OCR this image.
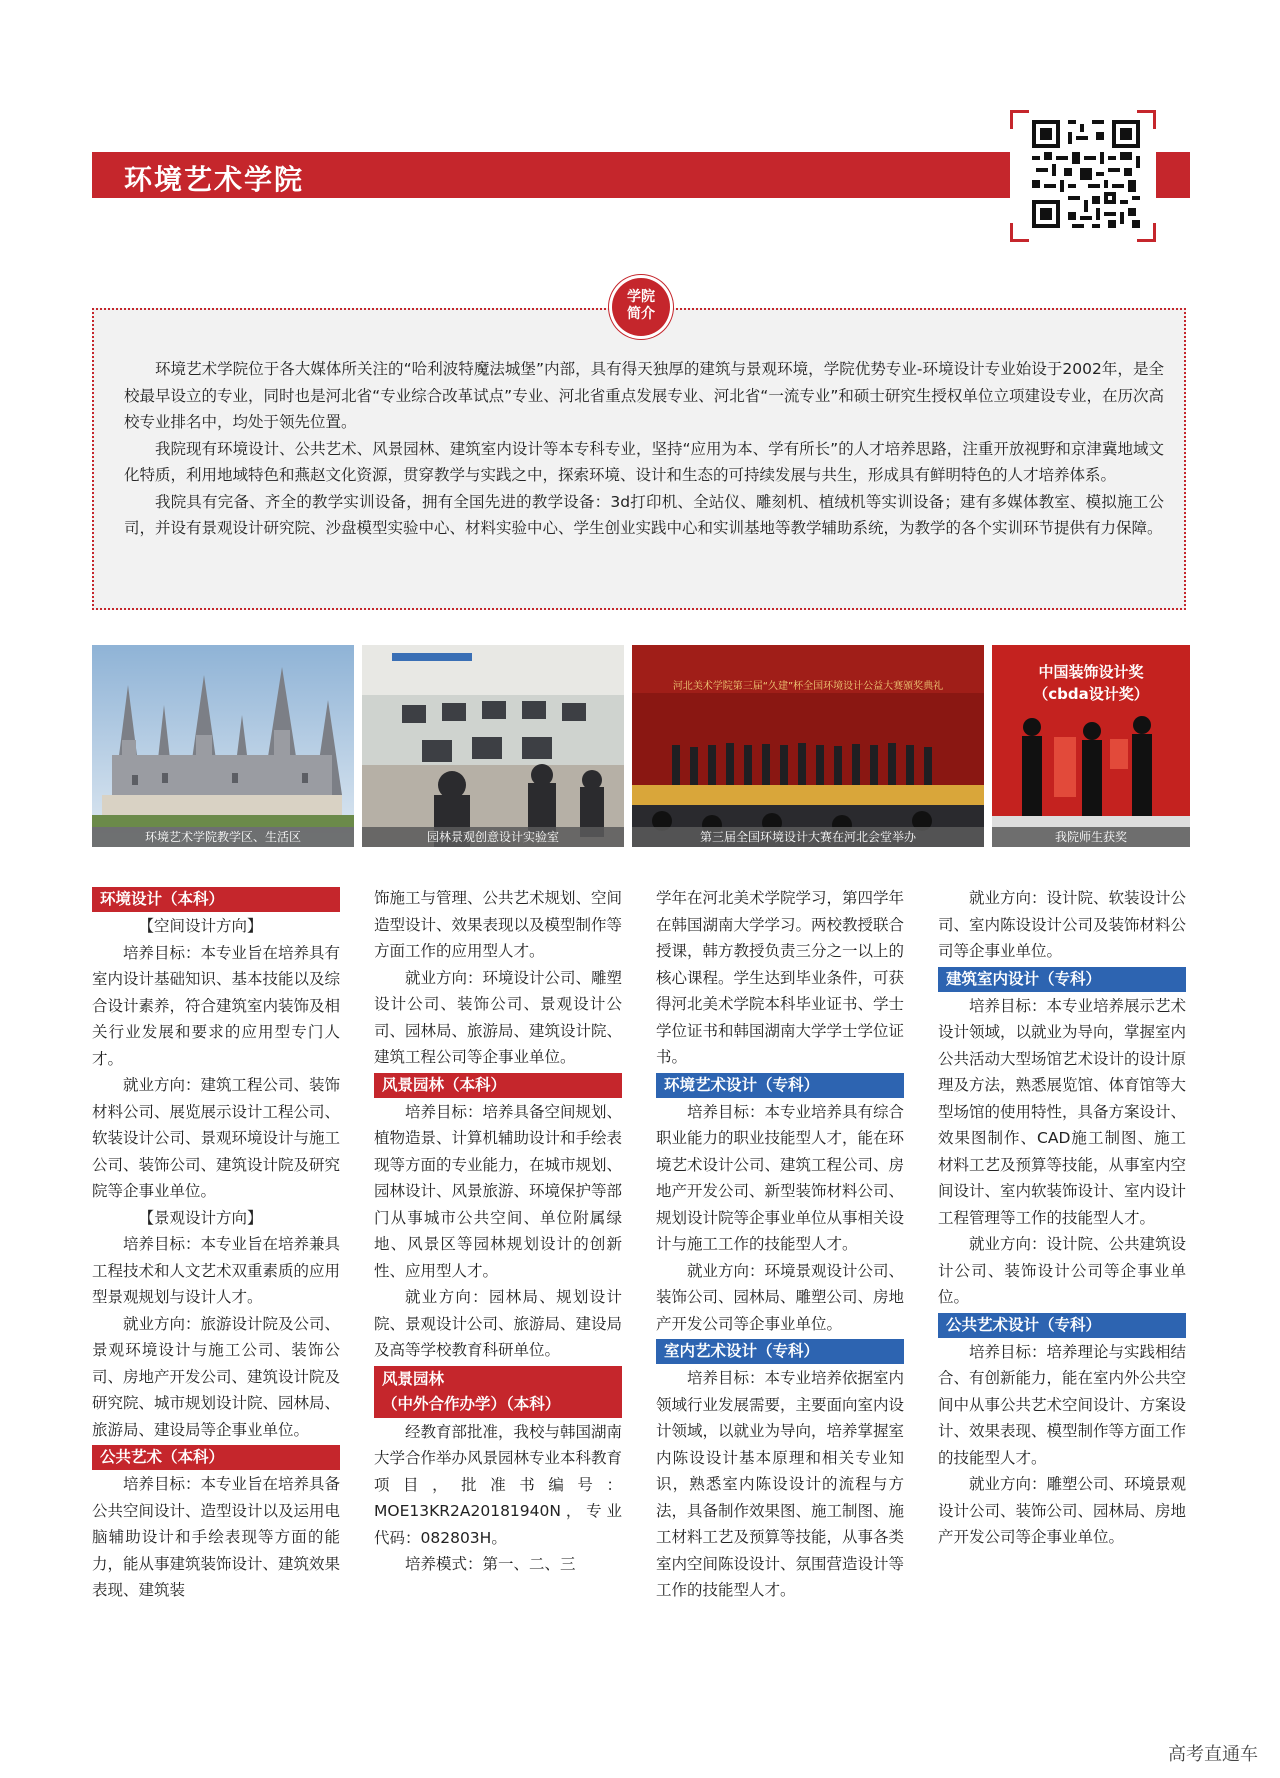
环境艺术学院
学院
简介

环境艺术学院位于各大媒体所关注的“哈利波特魔法城堡”内部，具有得天独厚的建筑与景观环境，学院优势专业-环境设计专业始设于2002年，是全校最早设立的专业，同时也是河北省“专业综合改革试点”专业、河北省重点发展专业、河北省“一流专业”和硕士研究生授权单位立项建设专业，在历次高校专业排名中，均处于领先位置。

我院现有环境设计、公共艺术、风景园林、建筑室内设计等本专科专业，坚持“应用为本、学有所长”的人才培养思路，注重开放视野和京津冀地域文化特质，利用地域特色和燕赵文化资源，贯穿教学与实践之中，探索环境、设计和生态的可持续发展与共生，形成具有鲜明特色的人才培养体系。

我院具有完备、齐全的教学实训设备，拥有全国先进的教学设备：3d打印机、全站仪、雕刻机、植绒机等实训设备；建有多媒体教室、模拟施工公司，并设有景观设计研究院、沙盘模型实验中心、材料实验中心、学生创业实践中心和实训基地等教学辅助系统，为教学的各个实训环节提供有力保障。

环境艺术学院教学区、生活区	园林景观创意设计实验室
河北美术学院第三届“久建”杯全国环境设计公益大赛颁奖典礼
第三届全国环境设计大赛在河北会堂举办
中国装饰设计奖
（cbda设计奖）
我院师生获奖
环境设计（本科）

【空间设计方向】

培养目标：本专业旨在培养具有室内设计基础知识、基本技能以及综合设计素养，符合建筑室内装饰及相关行业发展和要求的应用型专门人才。

就业方向：建筑工程公司、装饰材料公司、展览展示设计工程公司、软装设计公司、景观环境设计与施工公司、装饰公司、建筑设计院及研究院等企事业单位。

【景观设计方向】

培养目标：本专业旨在培养兼具工程技术和人文艺术双重素质的应用型景观规划与设计人才。

就业方向：旅游设计院及公司、景观环境设计与施工公司、装饰公司、房地产开发公司、建筑设计院及研究院、城市规划设计院、园林局、旅游局、建设局等企事业单位。

公共艺术（本科）

培养目标：本专业旨在培养具备公共空间设计、造型设计以及运用电脑辅助设计和手绘表现等方面的能力，能从事建筑装饰设计、建筑效果表现、建筑装

饰施工与管理、公共艺术规划、空间造型设计、效果表现以及模型制作等方面工作的应用型人才。

就业方向：环境设计公司、雕塑设计公司、装饰公司、景观设计公司、园林局、旅游局、建筑设计院、建筑工程公司等企事业单位。

风景园林（本科）

培养目标：培养具备空间规划、植物造景、计算机辅助设计和手绘表现等方面的专业能力，在城市规划、园林设计、风景旅游、环境保护等部门从事城市公共空间、单位附属绿地、风景区等园林规划设计的创新性、应用型人才。

就业方向：园林局、规划设计院、景观设计公司、旅游局、建设局及高等学校教育科研单位。

风景园林
（中外合作办学）（本科）

经教育部批准，我校与韩国湖南大学合作举办风景园林专业本科教育项目，批准书编号：MOE13KR2A20181940N，专业代码：082803H。

培养模式：第一、二、三

学年在河北美术学院学习，第四学年在韩国湖南大学学习。两校教授联合授课，韩方教授负责三分之一以上的核心课程。学生达到毕业条件，可获得河北美术学院本科毕业证书、学士学位证书和韩国湖南大学学士学位证书。

环境艺术设计（专科）

培养目标：本专业培养具有综合职业能力的职业技能型人才，能在环境艺术设计公司、建筑工程公司、房地产开发公司、新型装饰材料公司、规划设计院等企事业单位从事相关设计与施工工作的技能型人才。

就业方向：环境景观设计公司、装饰公司、园林局、雕塑公司、房地产开发公司等企事业单位。

室内艺术设计（专科）

培养目标：本专业培养依据室内领域行业发展需要，主要面向室内设计领域，以就业为导向，培养掌握室内陈设设计基本原理和相关专业知识，熟悉室内陈设设计的流程与方法，具备制作效果图、施工制图、施工材料工艺及预算等技能，从事各类室内空间陈设设计、氛围营造设计等工作的技能型人才。

就业方向：设计院、软装设计公司、室内陈设设计公司及装饰材料公司等企事业单位。

建筑室内设计（专科）

培养目标：本专业培养展示艺术设计领域，以就业为导向，掌握室内公共活动大型场馆艺术设计的设计原理及方法，熟悉展览馆、体育馆等大型场馆的使用特性，具备方案设计、效果图制作、CAD施工制图、施工材料工艺及预算等技能，从事室内空间设计、室内软装饰设计、室内设计工程管理等工作的技能型人才。

就业方向：设计院、公共建筑设计公司、装饰设计公司等企事业单位。

公共艺术设计（专科）

培养目标：培养理论与实践相结合、有创新能力，能在室内外公共空间中从事公共艺术空间设计、方案设计、效果表现、模型制作等方面工作的技能型人才。

就业方向：雕塑公司、环境景观设计公司、装饰公司、园林局、房地产开发公司等企事业单位。

高考直通车
